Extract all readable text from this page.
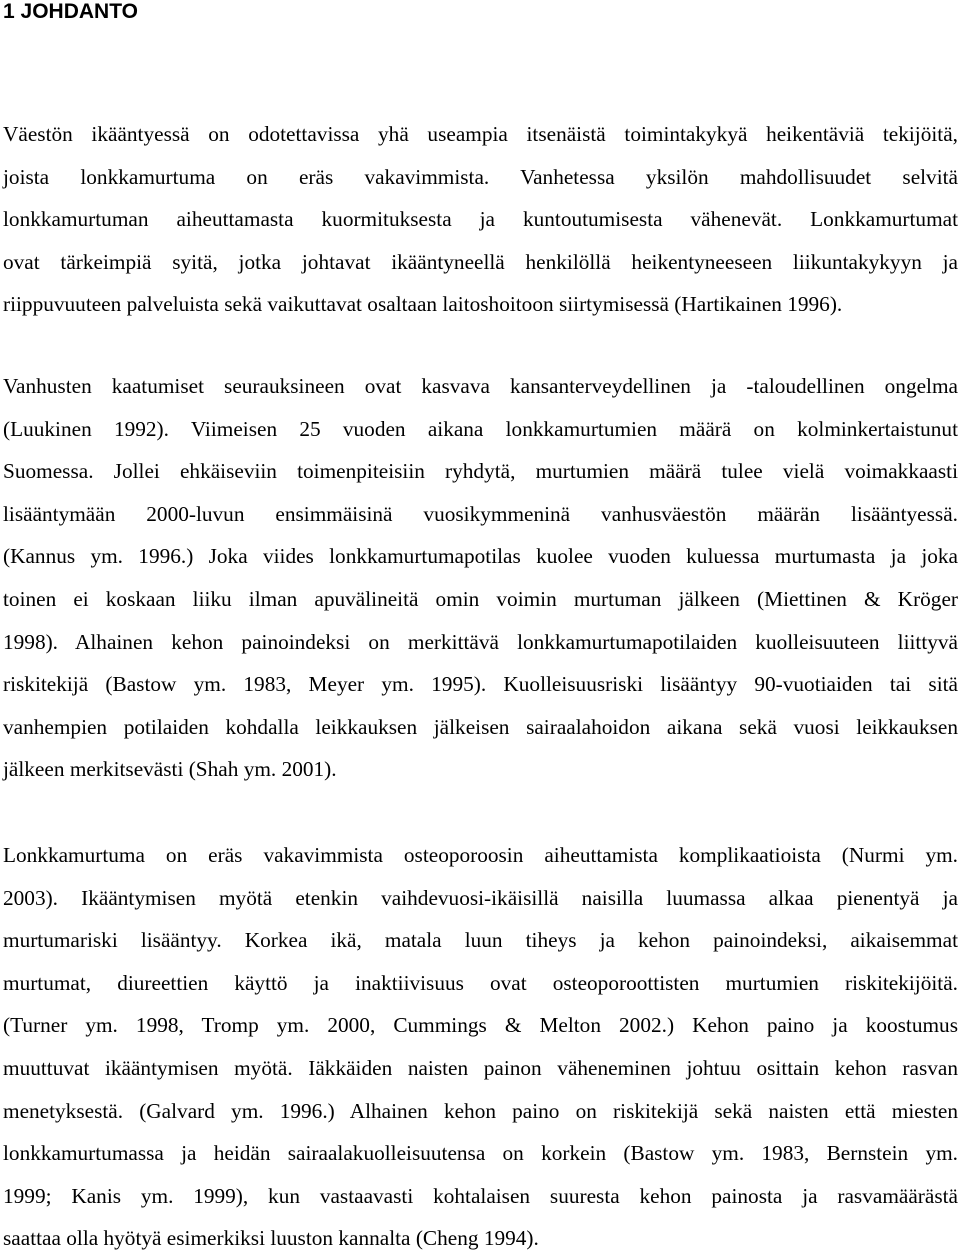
1 JOHDANTO
Väestön ikääntyessä on odotettavissa yhä useampia itsenäistä toimintakykyä heikentäviä tekijöitä,
joista lonkkamurtuma on eräs vakavimmista. Vanhetessa yksilön mahdollisuudet selvitä
lonkkamurtuman aiheuttamasta kuormituksesta ja kuntoutumisesta vähenevät. Lonkkamurtumat
ovat tärkeimpiä syitä, jotka johtavat ikääntyneellä henkilöllä heikentyneeseen liikuntakykyyn ja
riippuvuuteen palveluista sekä vaikuttavat osaltaan laitoshoitoon siirtymisessä (Hartikainen 1996).
Vanhusten kaatumiset seurauksineen ovat kasvava kansanterveydellinen ja -taloudellinen ongelma
(Luukinen 1992). Viimeisen 25 vuoden aikana lonkkamurtumien määrä on kolminkertaistunut
Suomessa. Jollei ehkäiseviin toimenpiteisiin ryhdytä, murtumien määrä tulee vielä voimakkaasti
lisääntymään 2000-luvun ensimmäisinä vuosikymmeninä vanhusväestön määrän lisääntyessä.
(Kannus ym. 1996.) Joka viides lonkkamurtumapotilas kuolee vuoden kuluessa murtumasta ja joka
toinen ei koskaan liiku ilman apuvälineitä omin voimin murtuman jälkeen (Miettinen & Kröger
1998). Alhainen kehon painoindeksi on merkittävä lonkkamurtumapotilaiden kuolleisuuteen liittyvä
riskitekijä (Bastow ym. 1983, Meyer ym. 1995). Kuolleisuusriski lisääntyy 90-vuotiaiden tai sitä
vanhempien potilaiden kohdalla leikkauksen jälkeisen sairaalahoidon aikana sekä vuosi leikkauksen
jälkeen merkitsevästi (Shah ym. 2001).
Lonkkamurtuma on eräs vakavimmista osteoporoosin aiheuttamista komplikaatioista (Nurmi ym.
2003). Ikääntymisen myötä etenkin vaihdevuosi-ikäisillä naisilla luumassa alkaa pienentyä ja
murtumariski lisääntyy. Korkea ikä, matala luun tiheys ja kehon painoindeksi, aikaisemmat
murtumat, diureettien käyttö ja inaktiivisuus ovat osteoporoottisten murtumien riskitekijöitä.
(Turner ym. 1998, Tromp ym. 2000, Cummings & Melton 2002.) Kehon paino ja koostumus
muuttuvat ikääntymisen myötä. Iäkkäiden naisten painon väheneminen johtuu osittain kehon rasvan
menetyksestä. (Galvard ym. 1996.) Alhainen kehon paino on riskitekijä sekä naisten että miesten
lonkkamurtumassa ja heidän sairaalakuolleisuutensa on korkein (Bastow ym. 1983, Bernstein ym.
1999; Kanis ym. 1999), kun vastaavasti kohtalaisen suuresta kehon painosta ja rasvamäärästä
saattaa olla hyötyä esimerkiksi luuston kannalta (Cheng 1994).
